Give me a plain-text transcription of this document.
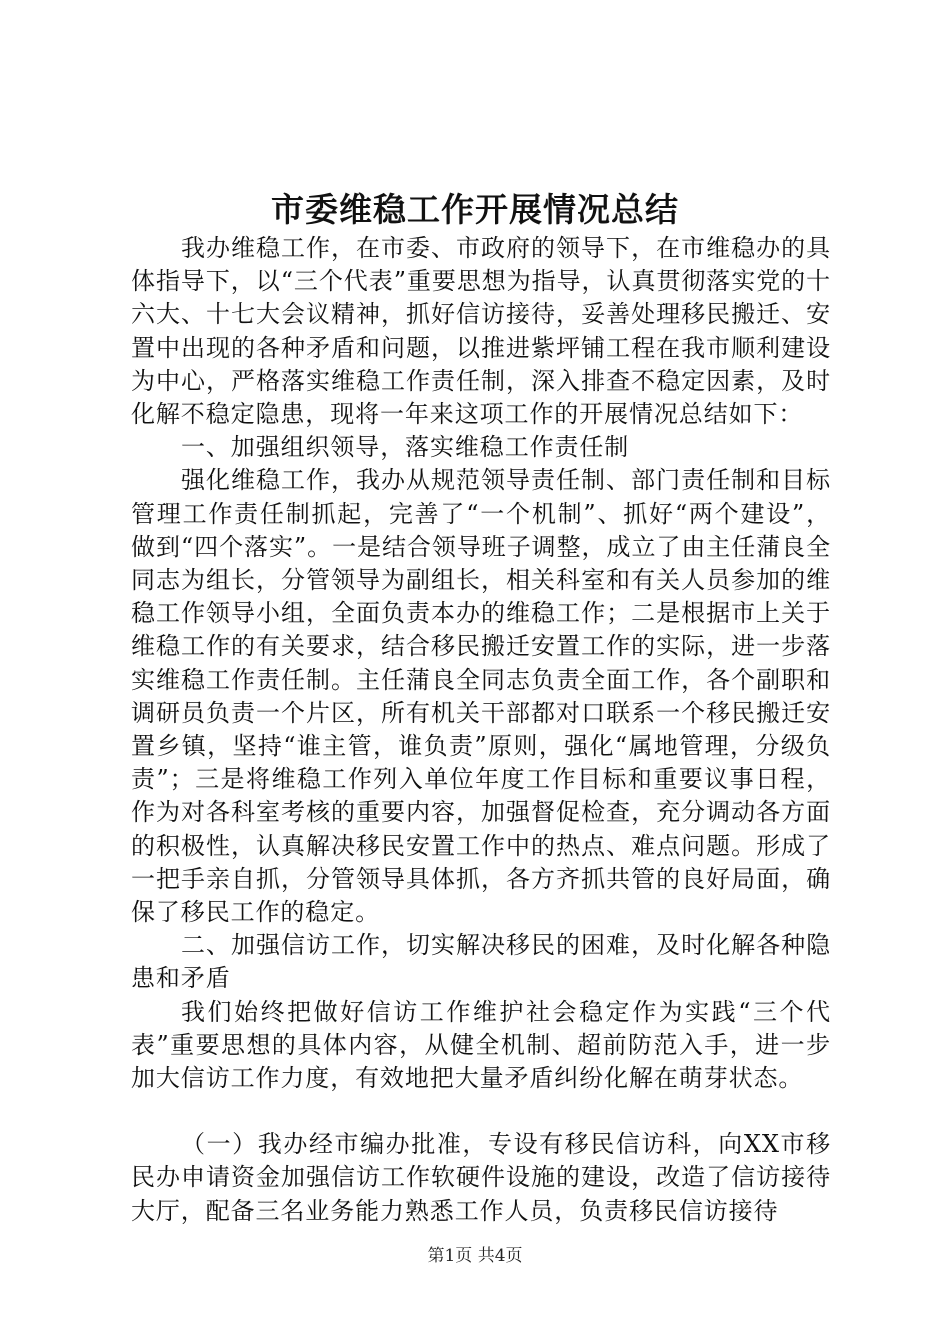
市委维稳工作开展情况总结

我办维稳工作，在市委、市政府的领导下，在市维稳办的具体指导下，以“三个代表”重要思想为指导，认真贯彻落实党的十六大、十七大会议精神，抓好信访接待，妥善处理移民搬迁、安置中出现的各种矛盾和问题，以推进紫坪铺工程在我市顺利建设为中心，严格落实维稳工作责任制，深入排查不稳定因素，及时化解不稳定隐患，现将一年来这项工作的开展情况总结如下：

一、加强组织领导，落实维稳工作责任制

强化维稳工作，我办从规范领导责任制、部门责任制和目标管理工作责任制抓起，完善了“一个机制”、抓好“两个建设”，做到“四个落实”。一是结合领导班子调整，成立了由主任蒲良全同志为组长，分管领导为副组长，相关科室和有关人员参加的维稳工作领导小组，全面负责本办的维稳工作；二是根据市上关于维稳工作的有关要求，结合移民搬迁安置工作的实际，进一步落实维稳工作责任制。主任蒲良全同志负责全面工作，各个副职和调研员负责一个片区，所有机关干部都对口联系一个移民搬迁安置乡镇，坚持“谁主管，谁负责”原则，强化“属地管理，分级负责”；三是将维稳工作列入单位年度工作目标和重要议事日程，作为对各科室考核的重要内容，加强督促检查，充分调动各方面的积极性，认真解决移民安置工作中的热点、难点问题。形成了一把手亲自抓，分管领导具体抓，各方齐抓共管的良好局面，确保了移民工作的稳定。

二、加强信访工作，切实解决移民的困难，及时化解各种隐患和矛盾

我们始终把做好信访工作维护社会稳定作为实践“三个代表”重要思想的具体内容，从健全机制、超前防范入手，进一步加大信访工作力度，有效地把大量矛盾纠纷化解在萌芽状态。

（一）我办经市编办批准，专设有移民信访科，向XX市移民办申请资金加强信访工作软硬件设施的建设，改造了信访接待大厅，配备三名业务能力熟悉工作人员，负责移民信访接待

第1页 共4页
